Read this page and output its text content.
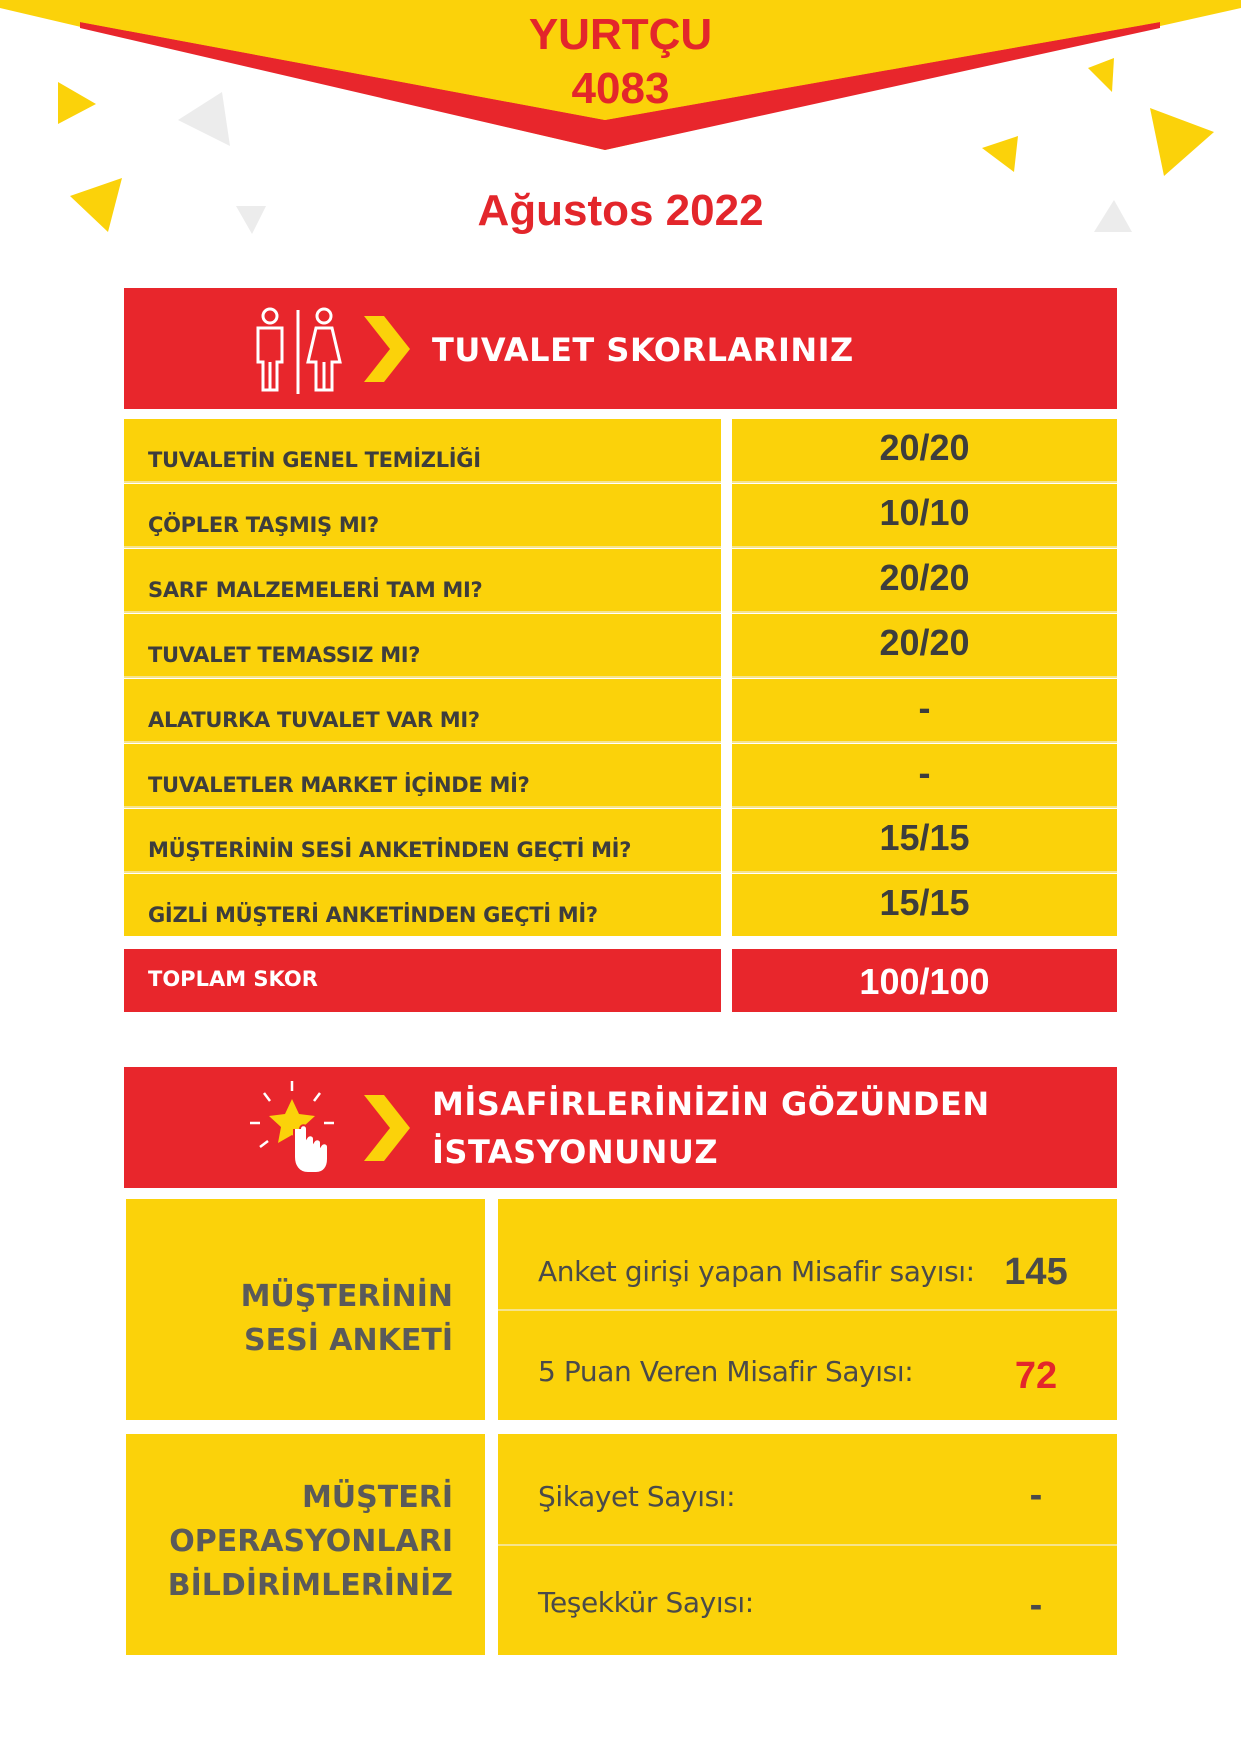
YURTÇU
4083
Ağustos 2022
TUVALET SKORLARINIZ
TUVALETİN GENEL TEMİZLİĞİ	20/20
ÇÖPLER TAŞMIŞ MI?	10/10
SARF MALZEMELERİ TAM MI?	20/20
TUVALET TEMASSIZ MI?	20/20
ALATURKA TUVALET VAR MI?	-
TUVALETLER MARKET İÇİNDE Mİ?	-
MÜŞTERİNİN SESİ ANKETİNDEN GEÇTİ Mİ?	15/15
GİZLİ MÜŞTERİ ANKETİNDEN GEÇTİ Mİ?	15/15
TOPLAM SKOR	100/100
MİSAFİRLERİNİZİN GÖZÜNDEN
İSTASYONUNUZ
MÜŞTERİNİN
SESİ ANKETİ
Anket girişi yapan Misafir sayısı: 145
5 Puan Veren Misafir Sayısı:	72
MÜŞTERİ
OPERASYONLARI
BİLDİRİMLERİNİZ
Şikayet Sayısı:	-
Teşekkür Sayısı:	-
